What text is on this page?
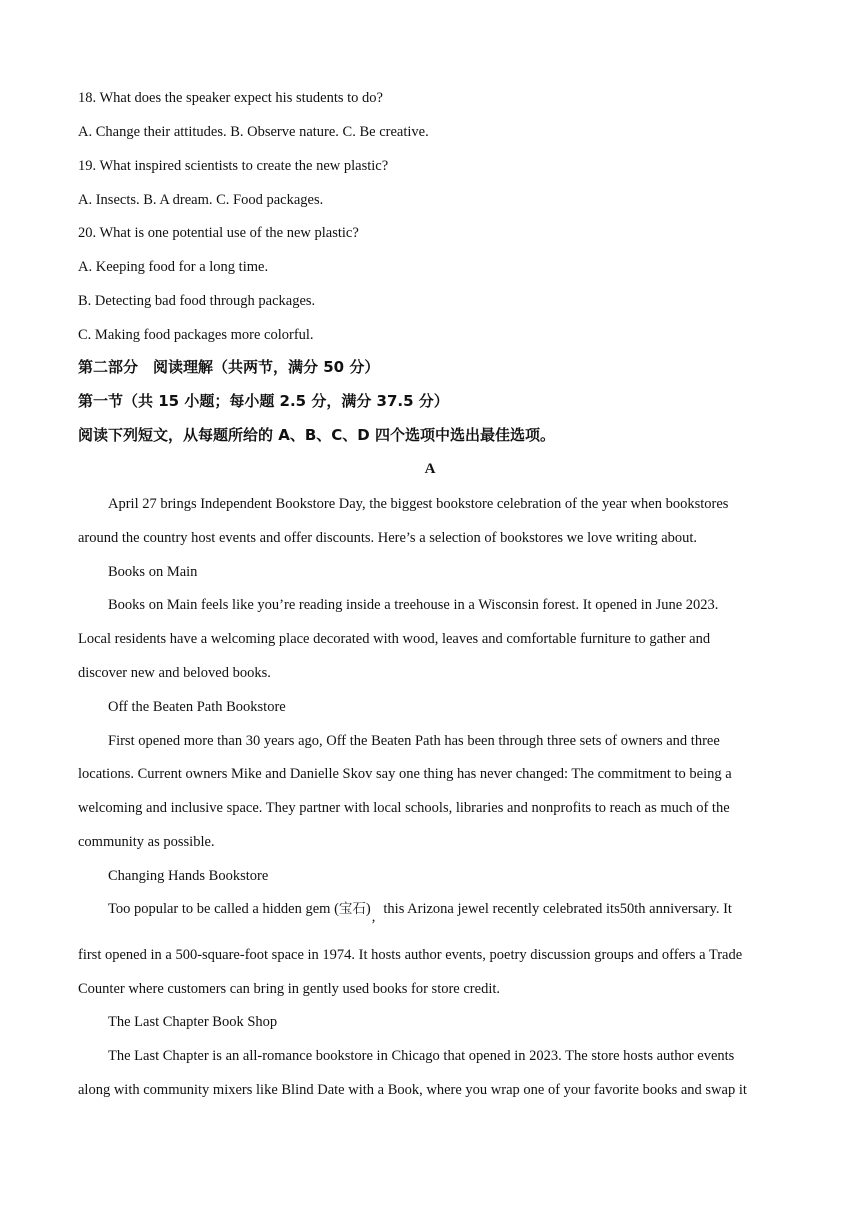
18. What does the speaker expect his students to do?
A. Change their attitudes. B. Observe nature. C. Be creative.
19. What inspired scientists to create the new plastic?
A. Insects. B. A dream. C. Food packages.
20. What is one potential use of the new plastic?
A. Keeping food for a long time.
B. Detecting bad food through packages.
C. Making food packages more colorful.
第二部分　阅读理解（共两节，满分 50 分）
第一节（共 15 小题；每小题 2.5 分，满分 37.5 分）
阅读下列短文，从每题所给的 A、B、C、D 四个选项中选出最佳选项。
A
April 27 brings Independent Bookstore Day, the biggest bookstore celebration of the year when bookstores
around the country host events and offer discounts. Here’s a selection of bookstores we love writing about.
Books on Main
Books on Main feels like you’re reading inside a treehouse in a Wisconsin forest. It opened in June 2023.
Local residents have a welcoming place decorated with wood, leaves and comfortable furniture to gather and
discover new and beloved books.
Off the Beaten Path Bookstore
First opened more than 30 years ago, Off the Beaten Path has been through three sets of owners and three
locations. Current owners Mike and Danielle Skov say one thing has never changed: The commitment to being a
welcoming and inclusive space. They partner with local schools, libraries and nonprofits to reach as much of the
community as possible.
Changing Hands Bookstore
Too popular to be called a hidden gem (宝石), this Arizona jewel recently celebrated its50th anniversary. It
first opened in a 500-square-foot space in 1974. It hosts author events, poetry discussion groups and offers a Trade
Counter where customers can bring in gently used books for store credit.
The Last Chapter Book Shop
The Last Chapter is an all-romance bookstore in Chicago that opened in 2023. The store hosts author events
along with community mixers like Blind Date with a Book, where you wrap one of your favorite books and swap it
